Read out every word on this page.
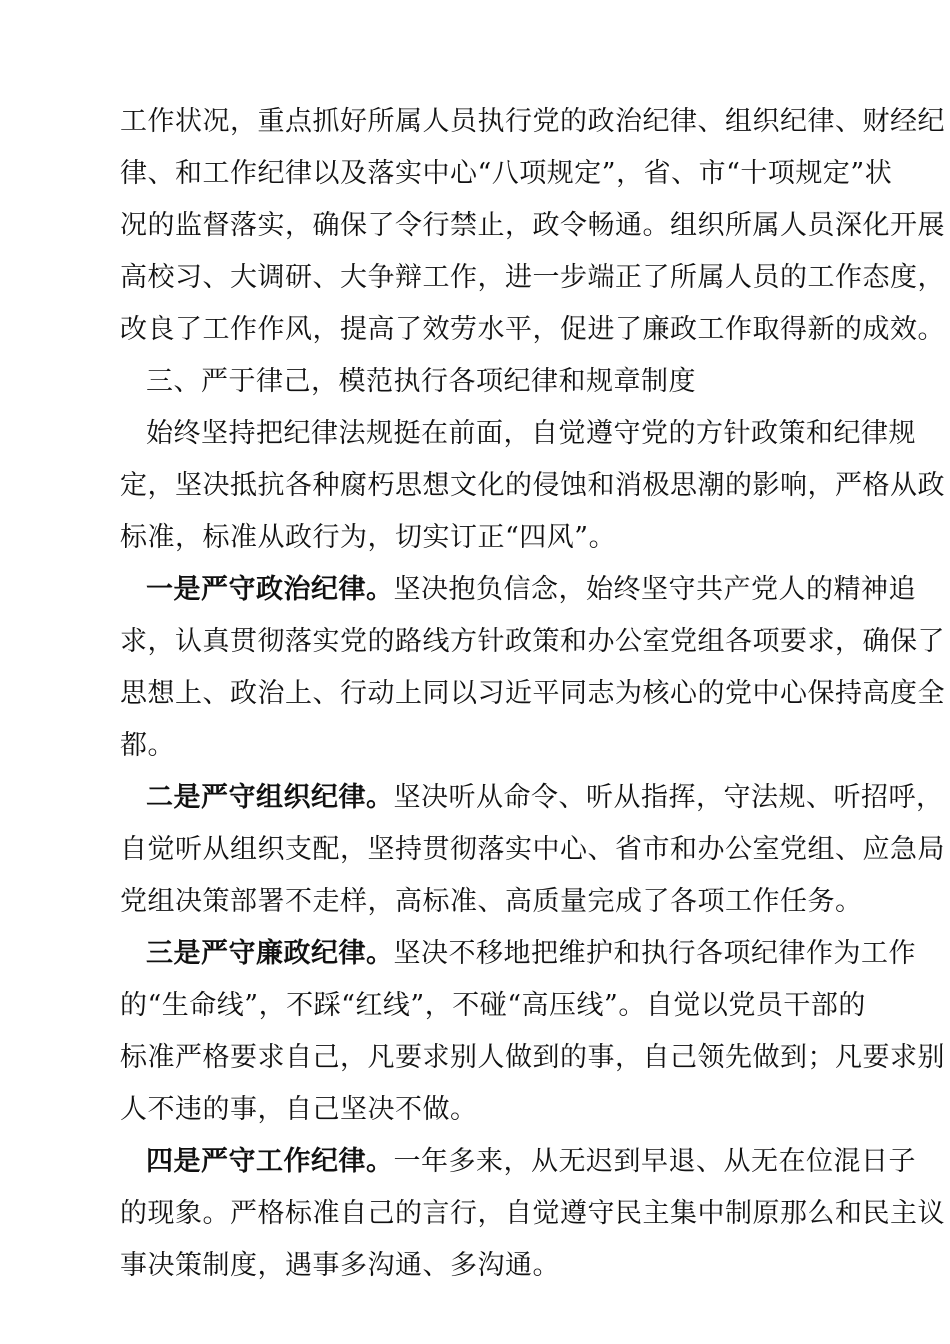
工作状况，重点抓好所属人员执行党的政治纪律、组织纪律、财经纪
律、和工作纪律以及落实中心“八项规定”，省、市“十项规定”状
况的监督落实，确保了令行禁止，政令畅通。组织所属人员深化开展
高校习、大调研、大争辩工作，进一步端正了所属人员的工作态度，
改良了工作作风，提高了效劳水平，促进了廉政工作取得新的成效。
三、严于律己，模范执行各项纪律和规章制度
始终坚持把纪律法规挺在前面，自觉遵守党的方针政策和纪律规
定，坚决抵抗各种腐朽思想文化的侵蚀和消极思潮的影响，严格从政
标准，标准从政行为，切实订正“四风”。
一是严守政治纪律。坚决抱负信念，始终坚守共产党人的精神追
求，认真贯彻落实党的路线方针政策和办公室党组各项要求，确保了
思想上、政治上、行动上同以习近平同志为核心的党中心保持高度全
都。
二是严守组织纪律。坚决听从命令、听从指挥，守法规、听招呼，
自觉听从组织支配，坚持贯彻落实中心、省市和办公室党组、应急局
党组决策部署不走样，高标准、高质量完成了各项工作任务。
三是严守廉政纪律。坚决不移地把维护和执行各项纪律作为工作
的“生命线”，不踩“红线”，不碰“高压线”。自觉以党员干部的
标准严格要求自己，凡要求别人做到的事，自己领先做到；凡要求别
人不违的事，自己坚决不做。
四是严守工作纪律。一年多来，从无迟到早退、从无在位混日子
的现象。严格标准自己的言行，自觉遵守民主集中制原那么和民主议
事决策制度，遇事多沟通、多沟通。
